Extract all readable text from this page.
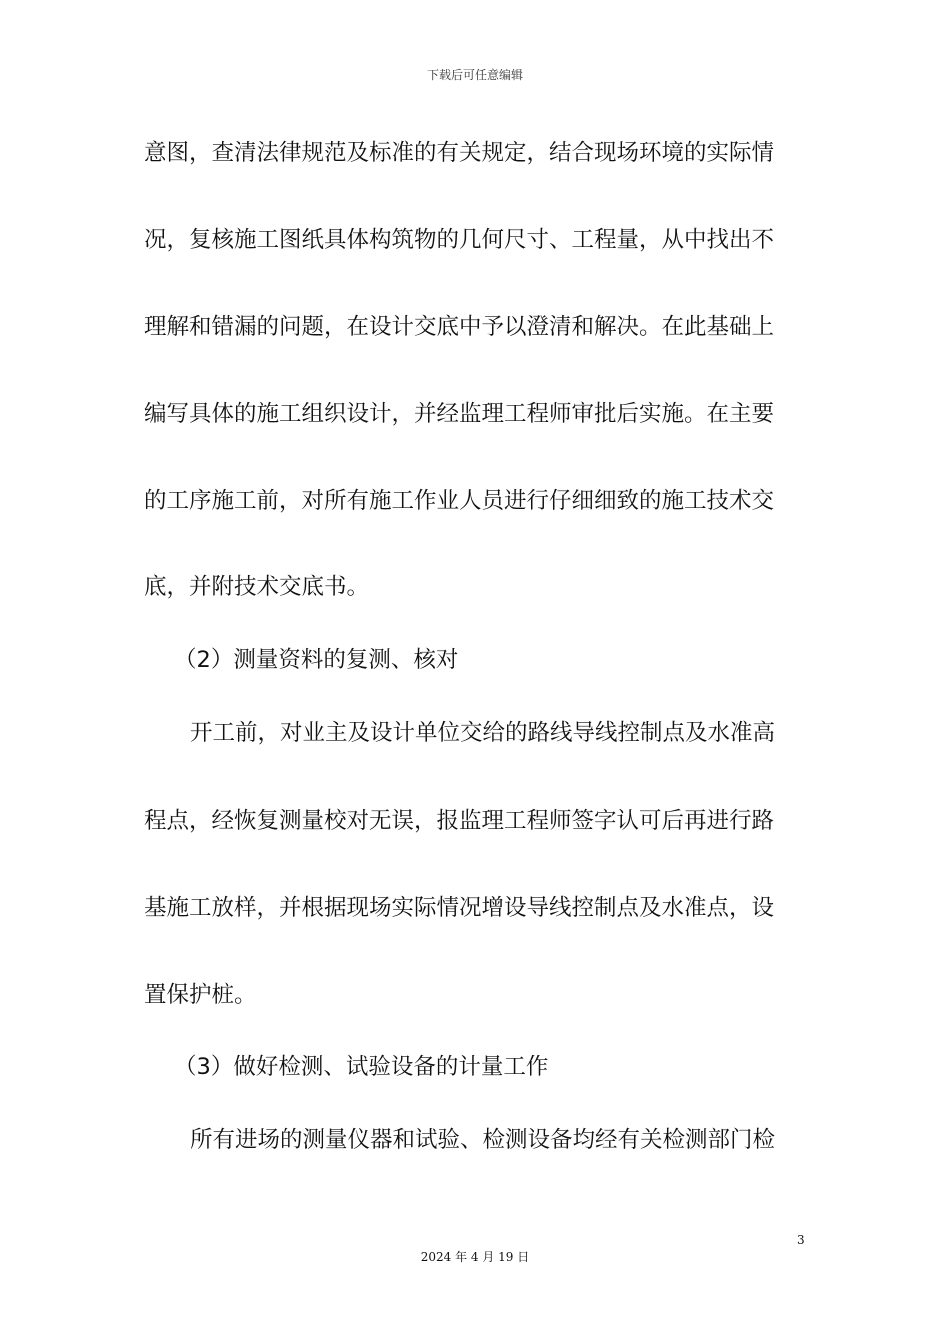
下载后可任意编辑
意图，查清法律规范及标准的有关规定，结合现场环境的实际情
况，复核施工图纸具体构筑物的几何尺寸、工程量，从中找出不
理解和错漏的问题，在设计交底中予以澄清和解决。在此基础上
编写具体的施工组织设计，并经监理工程师审批后实施。在主要
的工序施工前，对所有施工作业人员进行仔细细致的施工技术交
底，并附技术交底书。
（2）测量资料的复测、核对
开工前，对业主及设计单位交给的路线导线控制点及水准高
程点，经恢复测量校对无误，报监理工程师签字认可后再进行路
基施工放样，并根据现场实际情况增设导线控制点及水准点，设
置保护桩。
（3）做好检测、试验设备的计量工作
所有进场的测量仪器和试验、检测设备均经有关检测部门检
3
2024 年 4 月 19 日
